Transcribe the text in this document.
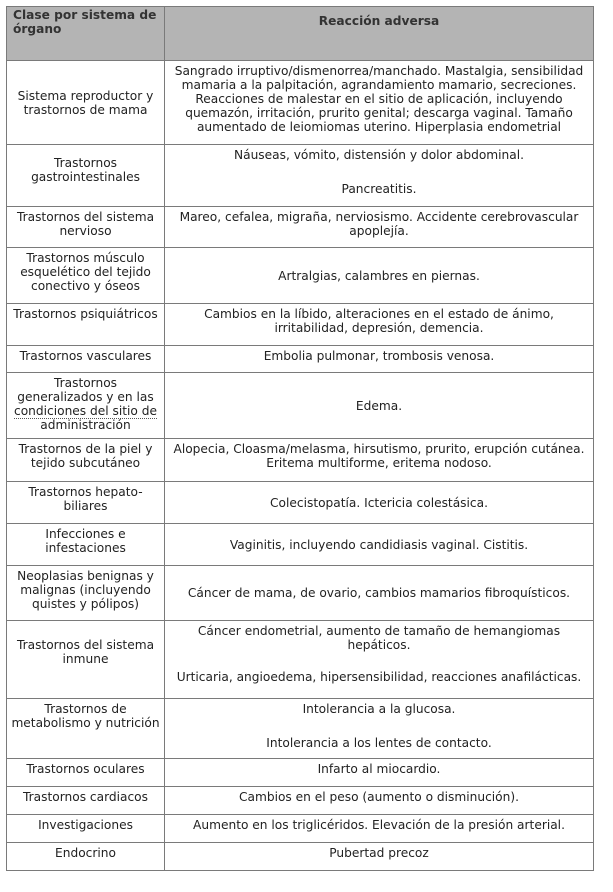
Clase por sistema de órgano	Reacción adversa
Sistema reproductor y trastornos de mama	Sangrado irruptivo/dismenorrea/manchado. Mastalgia, sensibilidad mamaria a la palpitación, agrandamiento mamario, secreciones. Reacciones de malestar en el sitio de aplicación, incluyendo quemazón, irritación, prurito genital; descarga vaginal. Tamaño aumentado de leiomiomas uterino. Hiperplasia endometrial

Trastornos gastrointestinales	Náuseas, vómito, distensión y dolor abdominal.
Pancreatitis.

Trastornos del sistema nervioso	Mareo, cefalea, migraña, nerviosismo. Accidente cerebrovascular apoplejía.
Trastornos músculo esquelético del tejido conectivo y óseos	Artralgias, calambres en piernas.
Trastornos psiquiátricos	Cambios en la líbido, alteraciones en el estado de ánimo, irritabilidad, depresión, demencia.
Trastornos vasculares	Embolia pulmonar, trombosis venosa.

Trastornos
generalizados y en las
condiciones del sitio de
administración	Edema.
Trastornos de la piel y tejido subcutáneo	Alopecia, Cloasma/melasma, hirsutismo, prurito, erupción cutánea. Eritema multiforme, eritema nodoso.
Trastornos hepato-biliares	Colecistopatía. Ictericia colestásica.
Infecciones e infestaciones	Vaginitis, incluyendo candidiasis vaginal. Cistitis.
Neoplasias benignas y malignas (incluyendo quistes y pólipos)	Cáncer de mama, de ovario, cambios mamarios fibroquísticos.

Trastornos del sistema inmune	Cáncer endometrial, aumento de tamaño de hemangiomas hepáticos.
Urticaria, angioedema, hipersensibilidad, reacciones anafilácticas.

Trastornos de metabolismo y nutrición	Intolerancia a la glucosa.
Intolerancia a los lentes de contacto.

Trastornos oculares	Infarto al miocardio.
Trastornos cardiacos	Cambios en el peso (aumento o disminución).
Investigaciones	Aumento en los triglicéridos. Elevación de la presión arterial.
Endocrino	Pubertad precoz
